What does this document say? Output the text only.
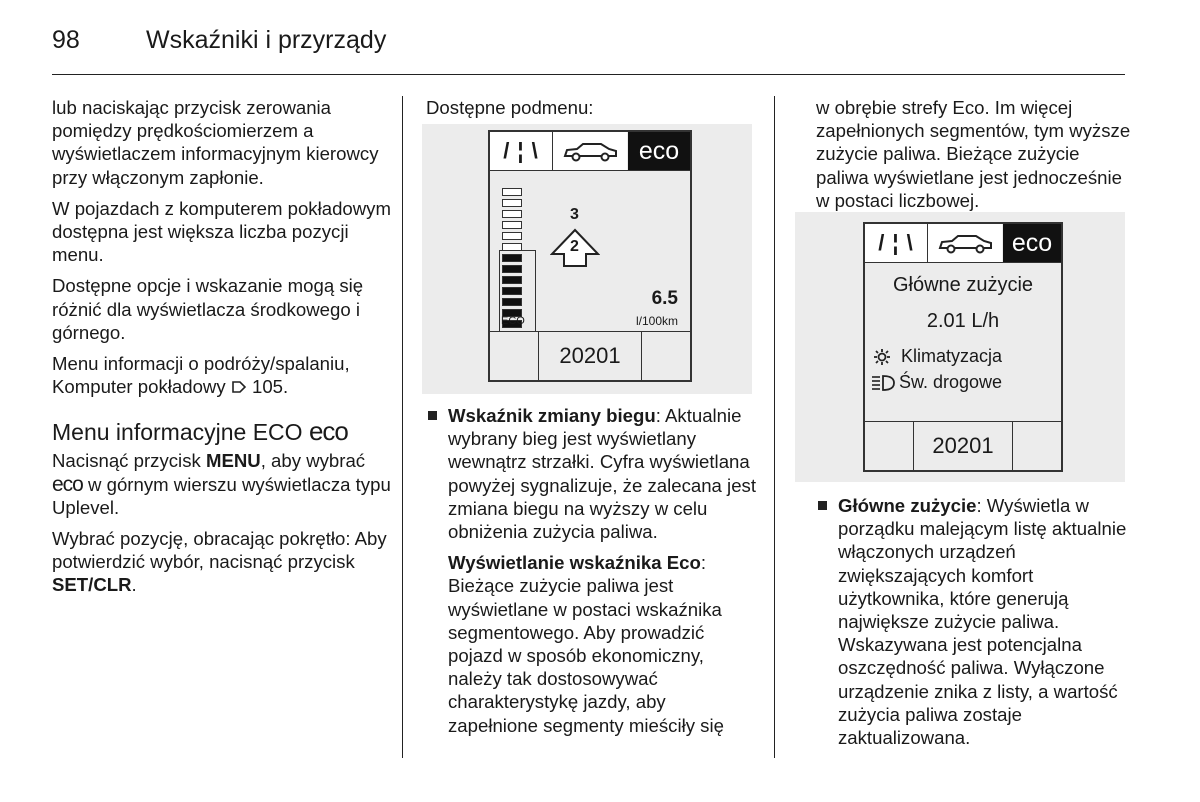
98	Wskaźniki i przyrządy

lub naciskając przycisk zerowania pomiędzy prędkościomierzem a wyświetlaczem informacyjnym kierowcy przy włączonym zapłonie.

W pojazdach z komputerem pokładowym dostępna jest większa liczba pozycji menu.

Dostępne opcje i wskazanie mogą się różnić dla wyświetlacza środkowego i górnego.

Menu informacji o podróży/spalaniu, Komputer pokładowy 105.

Menu informacyjne ECO eco

Nacisnąć przycisk MENU, aby wybrać eco w górnym wierszu wyświetlacza typu Uplevel.

Wybrać pozycję, obracając pokrętło: Aby potwierdzić wybór, nacisnąć przycisk SET/CLR.

Dostępne podmenu:

/ ¦ \	eco
ECO
3
2
6.5
l/100km
20201
Wskaźnik zmiany biegu: Aktualnie wybrany bieg jest wyświetlany wewnątrz strzałki. Cyfra wyświetlana powyżej sygnalizuje, że zalecana jest zmiana biegu na wyższy w celu obniżenia zużycia paliwa.

Wyświetlanie wskaźnika Eco: Bieżące zużycie paliwa jest wyświetlane w postaci wskaźnika segmentowego. Aby prowadzić pojazd w sposób ekonomiczny, należy tak dostosowywać charakterystykę jazdy, aby zapełnione segmenty mieściły się

w obrębie strefy Eco. Im więcej zapełnionych segmentów, tym wyższe zużycie paliwa. Bieżące zużycie paliwa wyświetlane jest jednocześnie w postaci liczbowej.

/ ¦ \	eco
Główne zużycie
2.01 L/h
Klimatyzacja
Św. drogowe
20201
Główne zużycie: Wyświetla w porządku malejącym listę aktualnie włączonych urządzeń zwiększających komfort użytkownika, które generują największe zużycie paliwa. Wskazywana jest potencjalna oszczędność paliwa. Wyłączone urządzenie znika z listy, a wartość zużycia paliwa zostaje zaktualizowana.
